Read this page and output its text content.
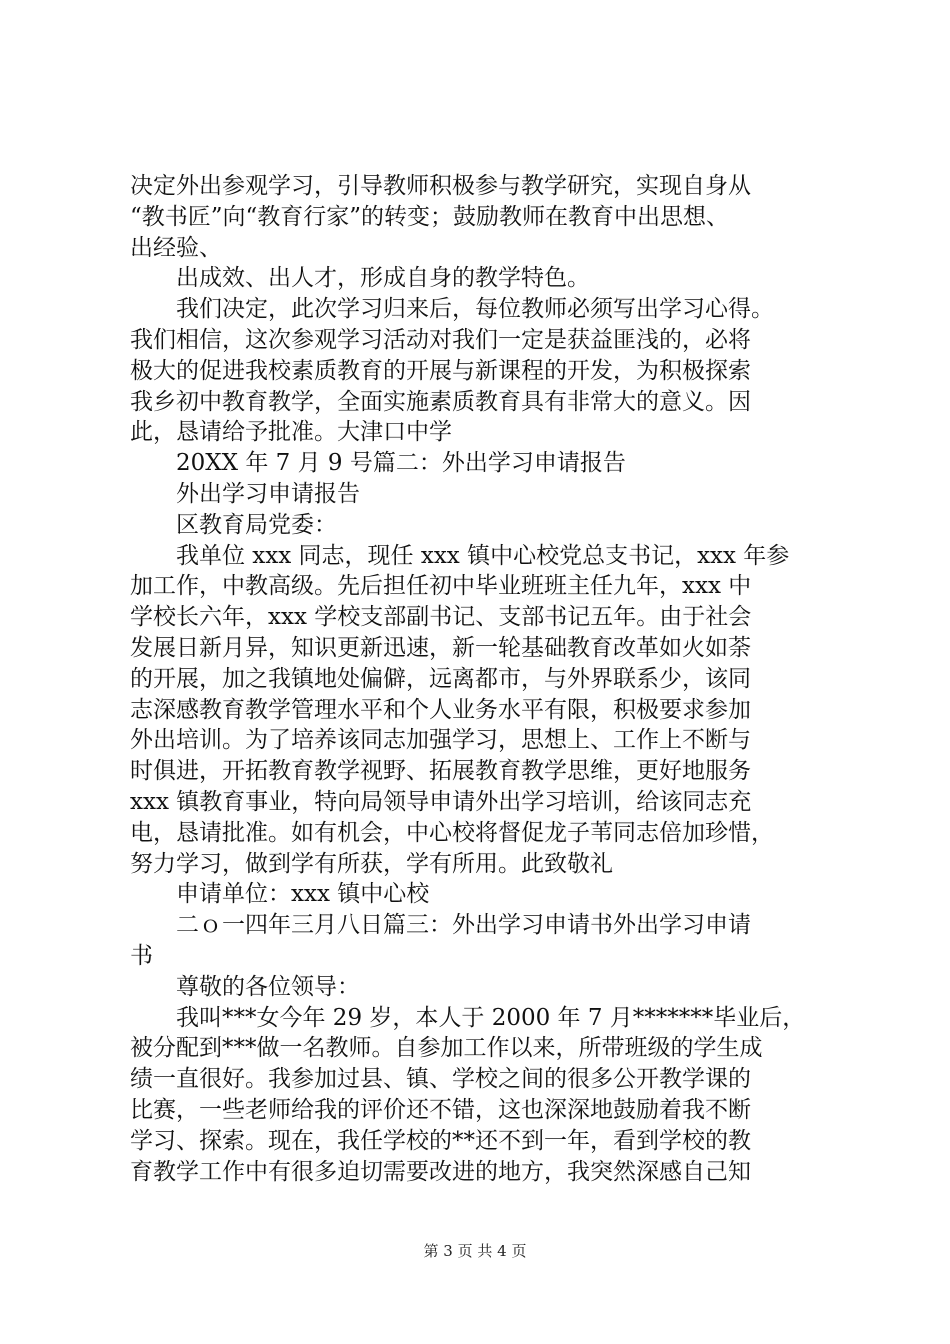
决定外出参观学习，引导教师积极参与教学研究，实现自身从
“教书匠”向“教育行家”的转变；鼓励教师在教育中出思想、
出经验、
出成效、出人才，形成自身的教学特色。
我们决定，此次学习归来后，每位教师必须写出学习心得。
我们相信，这次参观学习活动对我们一定是获益匪浅的，必将
极大的促进我校素质教育的开展与新课程的开发，为积极探索
我乡初中教育教学，全面实施素质教育具有非常大的意义。因
此，恳请给予批准。大津口中学
20XX 年 7 月 9 号篇二：外出学习申请报告
外出学习申请报告
区教育局党委：
我单位 xxx 同志，现任 xxx 镇中心校党总支书记，xxx 年参
加工作，中教高级。先后担任初中毕业班班主任九年，xxx 中
学校长六年，xxx 学校支部副书记、支部书记五年。由于社会
发展日新月异，知识更新迅速，新一轮基础教育改革如火如荼
的开展，加之我镇地处偏僻，远离都市，与外界联系少，该同
志深感教育教学管理水平和个人业务水平有限，积极要求参加
外出培训。为了培养该同志加强学习，思想上、工作上不断与
时俱进，开拓教育教学视野、拓展教育教学思维，更好地服务
xxx 镇教育事业，特向局领导申请外出学习培训，给该同志充
电，恳请批准。如有机会，中心校将督促龙子苇同志倍加珍惜，
努力学习，做到学有所获，学有所用。此致敬礼
申请单位：xxx 镇中心校
二ｏ一四年三月八日篇三：外出学习申请书外出学习申请
书
尊敬的各位领导：
我叫***女今年 29 岁，本人于 2000 年 7 月*******毕业后，
被分配到***做一名教师。自参加工作以来，所带班级的学生成
绩一直很好。我参加过县、镇、学校之间的很多公开教学课的
比赛，一些老师给我的评价还不错，这也深深地鼓励着我不断
学习、探索。现在，我任学校的**还不到一年，看到学校的教
育教学工作中有很多迫切需要改进的地方，我突然深感自己知
第 3 页 共 4 页
